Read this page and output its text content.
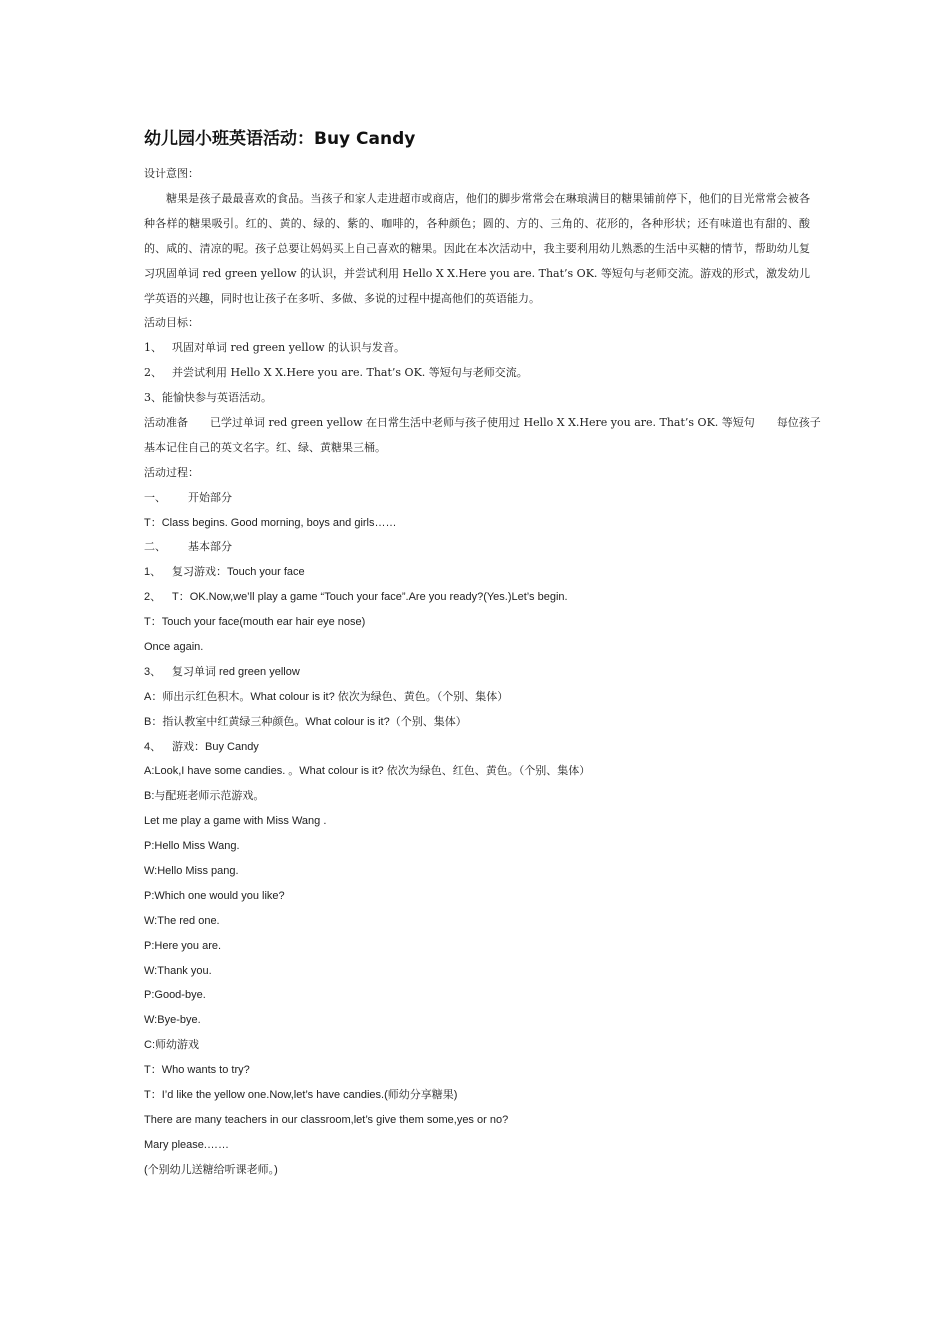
幼儿园小班英语活动：Buy Candy
设计意图：
糖果是孩子最最喜欢的食品。当孩子和家人走进超市或商店，他们的脚步常常会在琳琅满目的糖果铺前停下，他们的目光常常会被各种各样的糖果吸引。红的、黄的、绿的、紫的、咖啡的，各种颜色；圆的、方的、三角的、花形的，各种形状；还有味道也有甜的、酸的、咸的、清凉的呢。孩子总要让妈妈买上自己喜欢的糖果。因此在本次活动中，我主要利用幼儿熟悉的生活中买糖的情节，帮助幼儿复习巩固单词 red green yellow 的认识，并尝试利用 Hello X X.Here you are. That’s OK. 等短句与老师交流。游戏的形式，激发幼儿学英语的兴趣，同时也让孩子在多听、多做、多说的过程中提高他们的英语能力。
活动目标：
1、 巩固对单词 red green yellow 的认识与发音。
2、 并尝试利用 Hello X X.Here you are. That’s OK. 等短句与老师交流。
3、能愉快参与英语活动。
活动准备 已学过单词 red green yellow 在日常生活中老师与孩子使用过 Hello X X.Here you are. That’s OK. 等短句 每位孩子
基本记住自己的英文名字。红、绿、黄糖果三桶。
活动过程：
一、 开始部分
T：Class begins. Good morning, boys and girls……
二、 基本部分
1、 复习游戏：Touch your face
2、 T：OK.Now,we’ll play a game “Touch your face”.Are you ready?(Yes.)Let’s begin.
T：Touch your face(mouth ear hair eye nose)
Once again.
3、 复习单词 red green yellow
A：师出示红色积木。What colour is it? 依次为绿色、黄色。（个别、集体）
B：指认教室中红黄绿三种颜色。What colour is it?（个别、集体）
4、 游戏：Buy Candy
A:Look,I have some candies. 。What colour is it? 依次为绿色、红色、黄色。（个别、集体）
B:与配班老师示范游戏。
Let me play a game with Miss Wang .
P:Hello Miss Wang.
W:Hello Miss pang.
P:Which one would you like?
W:The red one.
P:Here you are.
W:Thank you.
P:Good-bye.
W:Bye-bye.
C:师幼游戏
T：Who wants to try?
T：I’d like the yellow one.Now,let’s have candies.(师幼分享糖果)
There are many teachers in our classroom,let’s give them some,yes or no?
Mary please.……
(个别幼儿送糖给听课老师。)
